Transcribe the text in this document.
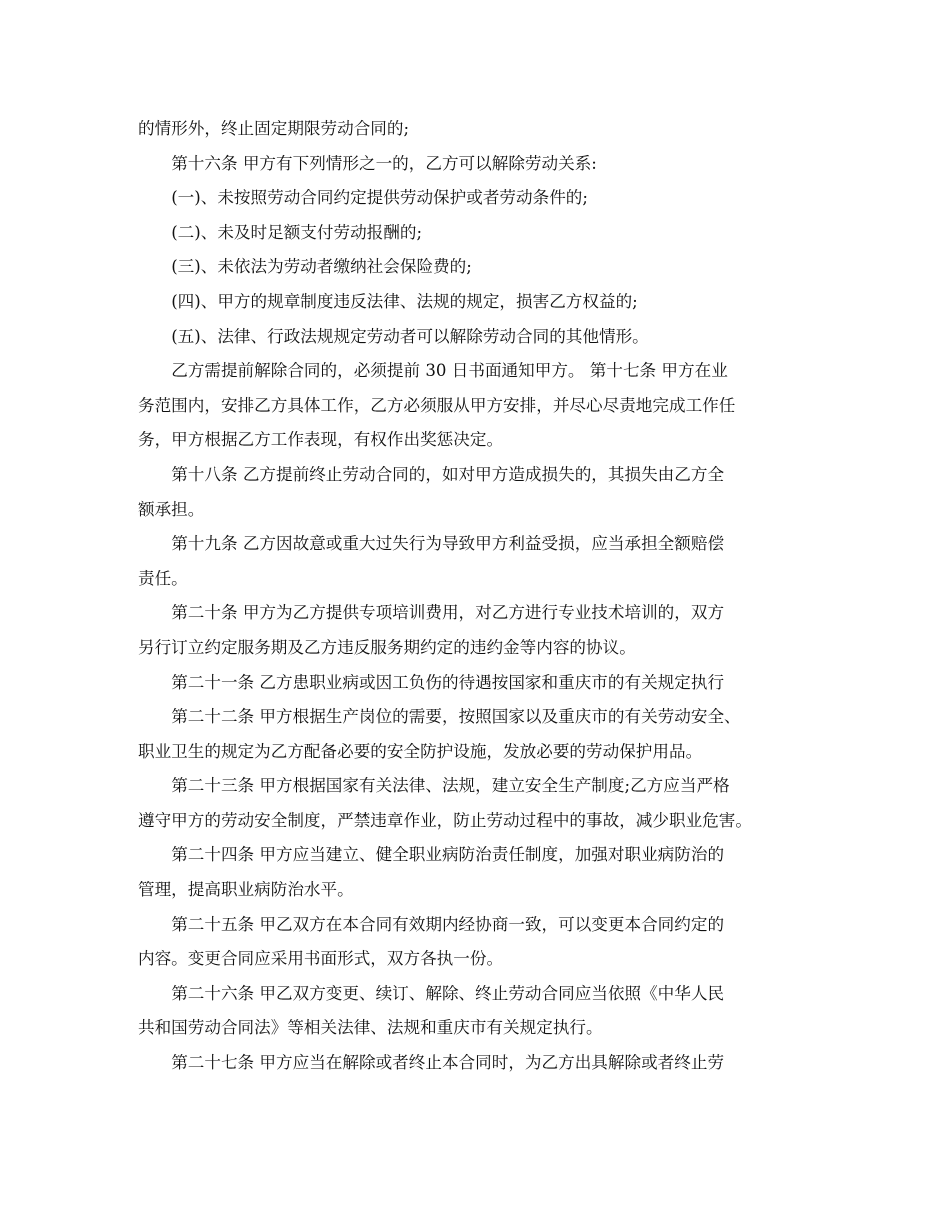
的情形外，终止固定期限劳动合同的;
第十六条 甲方有下列情形之一的，乙方可以解除劳动关系:
(一)、未按照劳动合同约定提供劳动保护或者劳动条件的;
(二)、未及时足额支付劳动报酬的;
(三)、未依法为劳动者缴纳社会保险费的;
(四)、甲方的规章制度违反法律、法规的规定，损害乙方权益的;
(五)、法律、行政法规规定劳动者可以解除劳动合同的其他情形。
乙方需提前解除合同的，必须提前 30 日书面通知甲方。 第十七条 甲方在业
务范围内，安排乙方具体工作，乙方必须服从甲方安排，并尽心尽责地完成工作任
务，甲方根据乙方工作表现，有权作出奖惩决定。
第十八条 乙方提前终止劳动合同的，如对甲方造成损失的，其损失由乙方全
额承担。
第十九条 乙方因故意或重大过失行为导致甲方利益受损，应当承担全额赔偿
责任。
第二十条 甲方为乙方提供专项培训费用，对乙方进行专业技术培训的，双方
另行订立约定服务期及乙方违反服务期约定的违约金等内容的协议。
第二十一条 乙方患职业病或因工负伤的待遇按国家和重庆市的有关规定执行
第二十二条 甲方根据生产岗位的需要，按照国家以及重庆市的有关劳动安全、
职业卫生的规定为乙方配备必要的安全防护设施，发放必要的劳动保护用品。
第二十三条 甲方根据国家有关法律、法规，建立安全生产制度;乙方应当严格
遵守甲方的劳动安全制度，严禁违章作业，防止劳动过程中的事故，减少职业危害。
第二十四条 甲方应当建立、健全职业病防治责任制度，加强对职业病防治的
管理，提高职业病防治水平。
第二十五条 甲乙双方在本合同有效期内经协商一致，可以变更本合同约定的
内容。变更合同应采用书面形式，双方各执一份。
第二十六条 甲乙双方变更、续订、解除、终止劳动合同应当依照《中华人民
共和国劳动合同法》等相关法律、法规和重庆市有关规定执行。
第二十七条 甲方应当在解除或者终止本合同时，为乙方出具解除或者终止劳
